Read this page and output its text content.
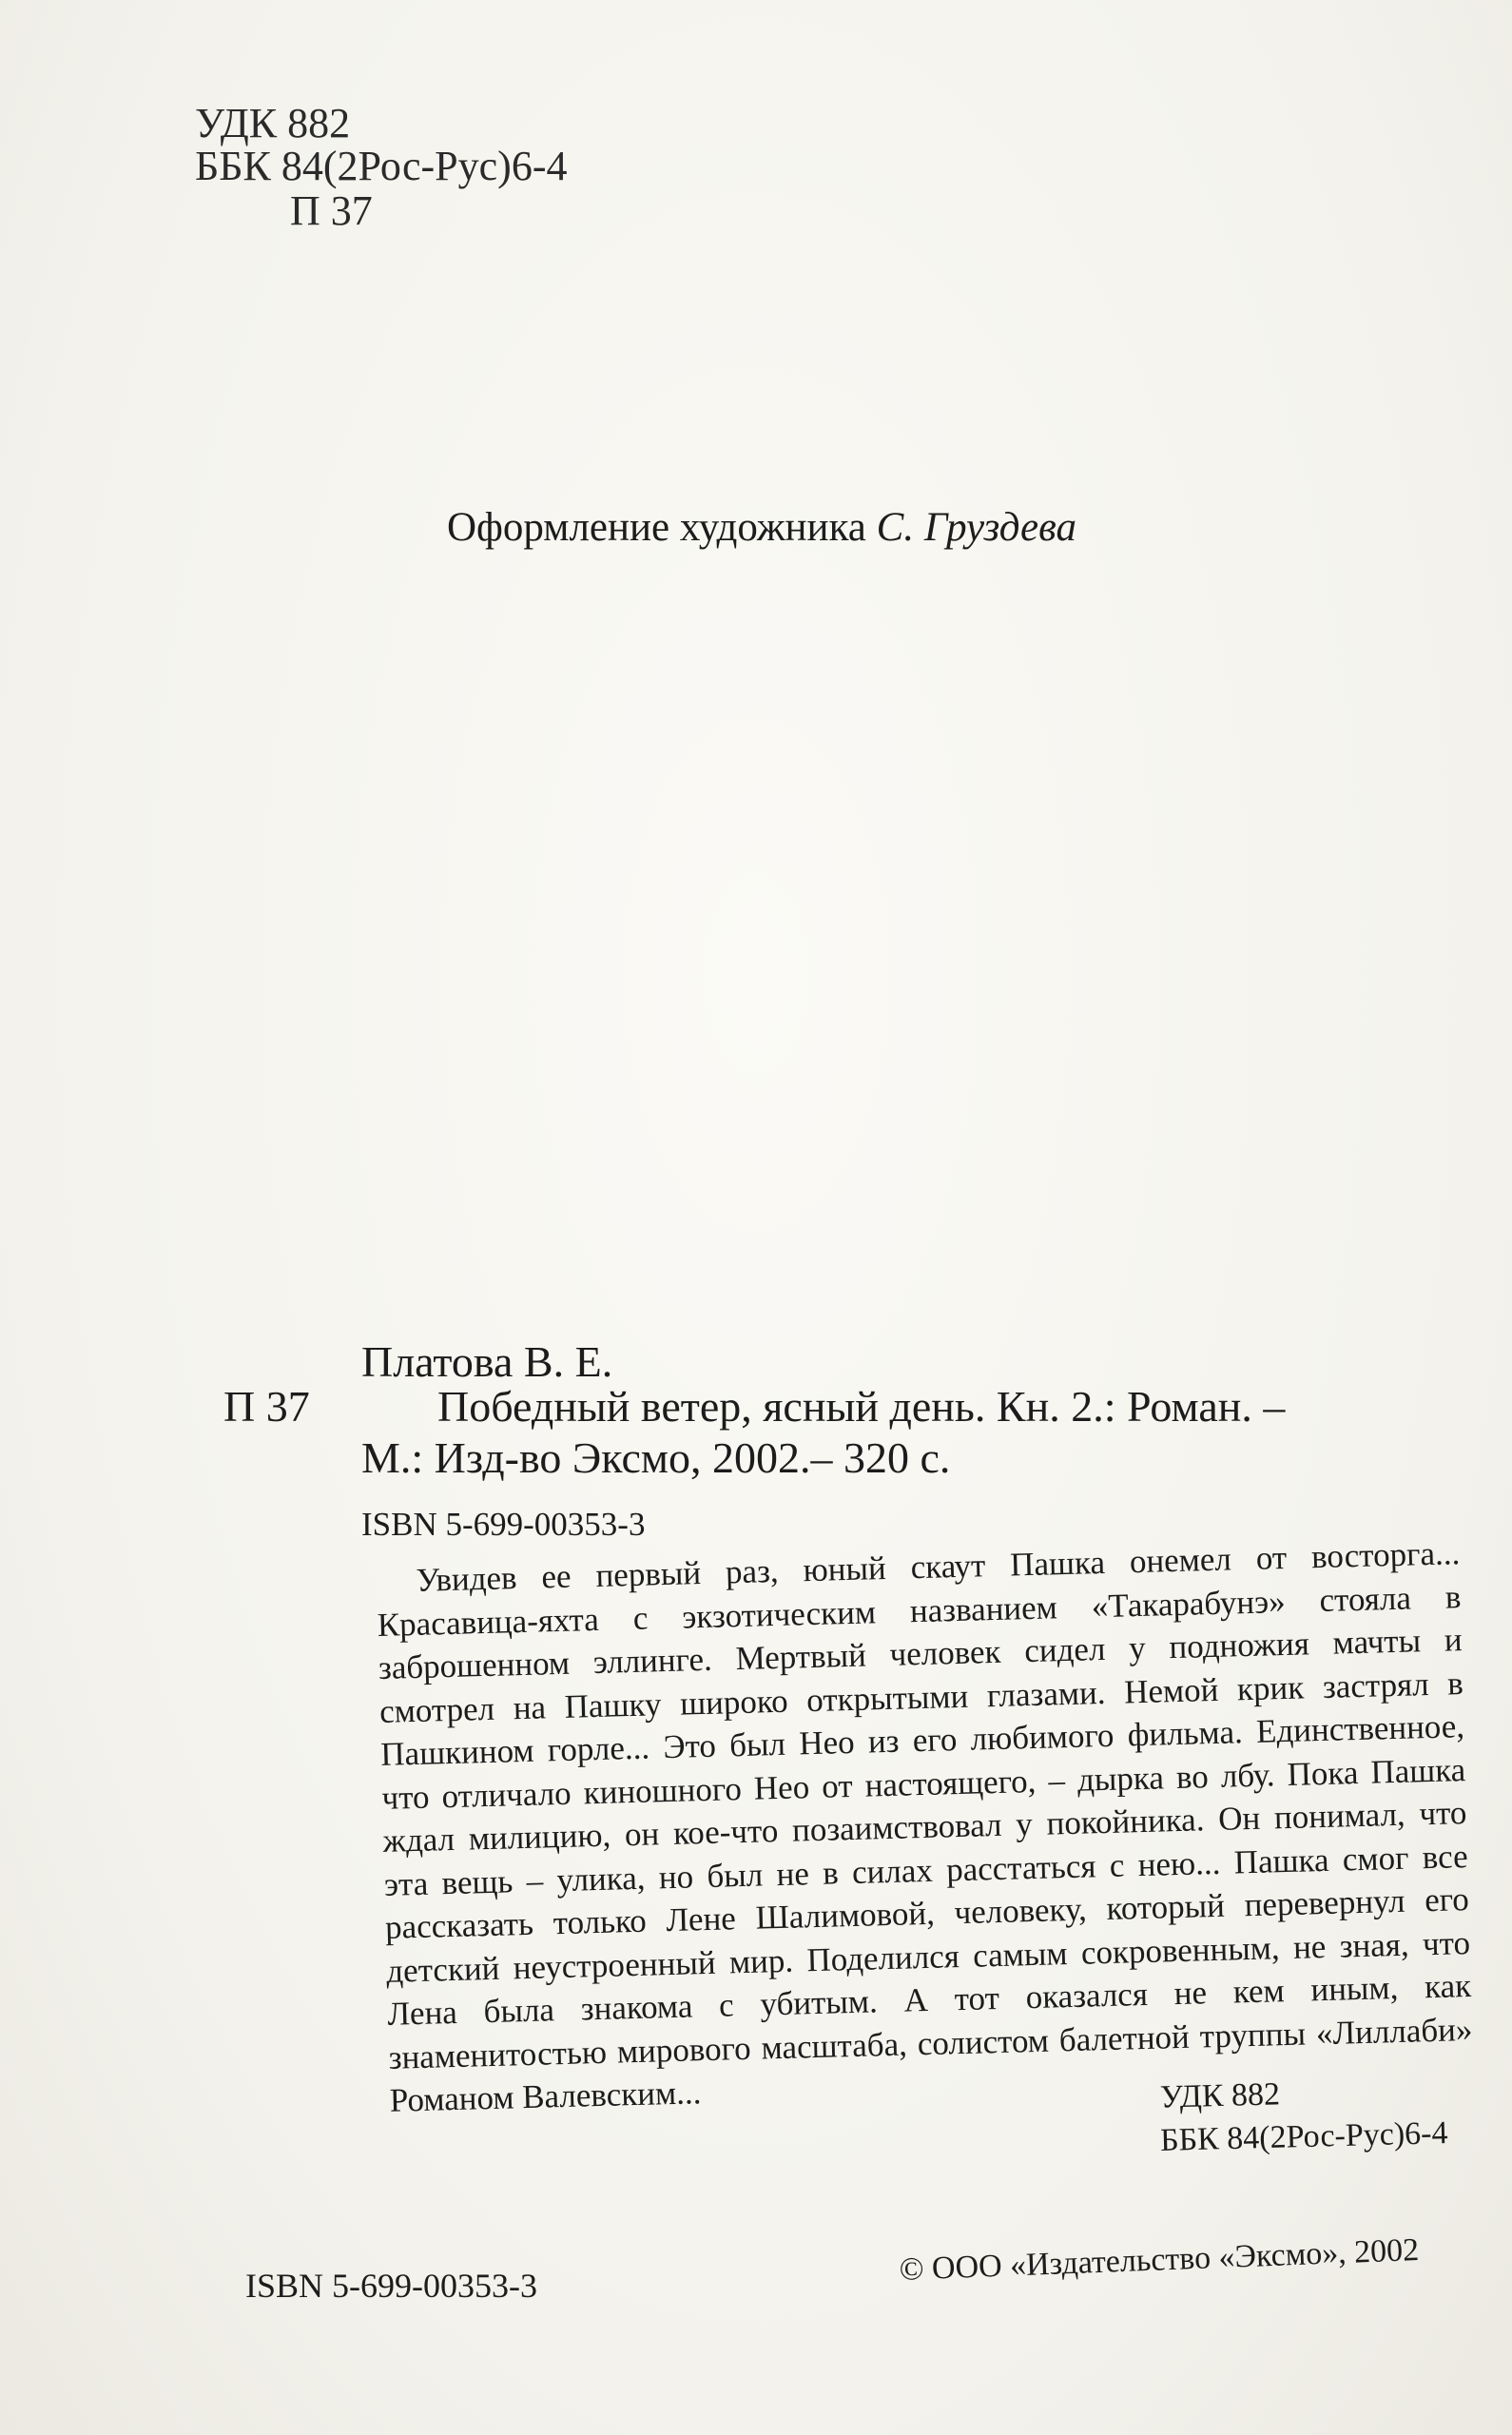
УДК 882
ББК 84(2Рос-Рус)6-4
П 37
Оформление художника С. Груздева
Платова В. Е.
П 37	Победный ветер, ясный день. Кн. 2.: Роман. –
М.: Изд-во Эксмо, 2002.– 320 с.
ISBN 5-699-00353-3

Увидев ее первый раз, юный скаут Пашка онемел от восторга... Красавица-яхта с экзотическим названием «Такарабунэ» стояла в заброшенном эллинге. Мертвый человек сидел у подножия мачты и смотрел на Пашку широко открытыми глазами. Немой крик застрял в Пашкином горле... Это был Нео из его любимого фильма. Единственное, что отличало киношного Нео от настоящего, – дырка во лбу. Пока Пашка ждал милицию, он кое-что позаимствовал у покойника. Он понимал, что эта вещь – улика, но был не в силах расстаться с нею... Пашка смог все рассказать только Лене Шалимовой, человеку, который перевернул его детский неустроенный мир. Поделился самым сокровенным, не зная, что Лена была знакома с убитым. А тот оказался не кем иным, как знаменитостью мирового масштаба, солистом балетной труппы «Лиллаби» Романом Валевским...	УДК 882
ББК 84(2Рос-Рус)6-4
ISBN 5-699-00353-3	© ООО «Издательство «Эксмо», 2002
